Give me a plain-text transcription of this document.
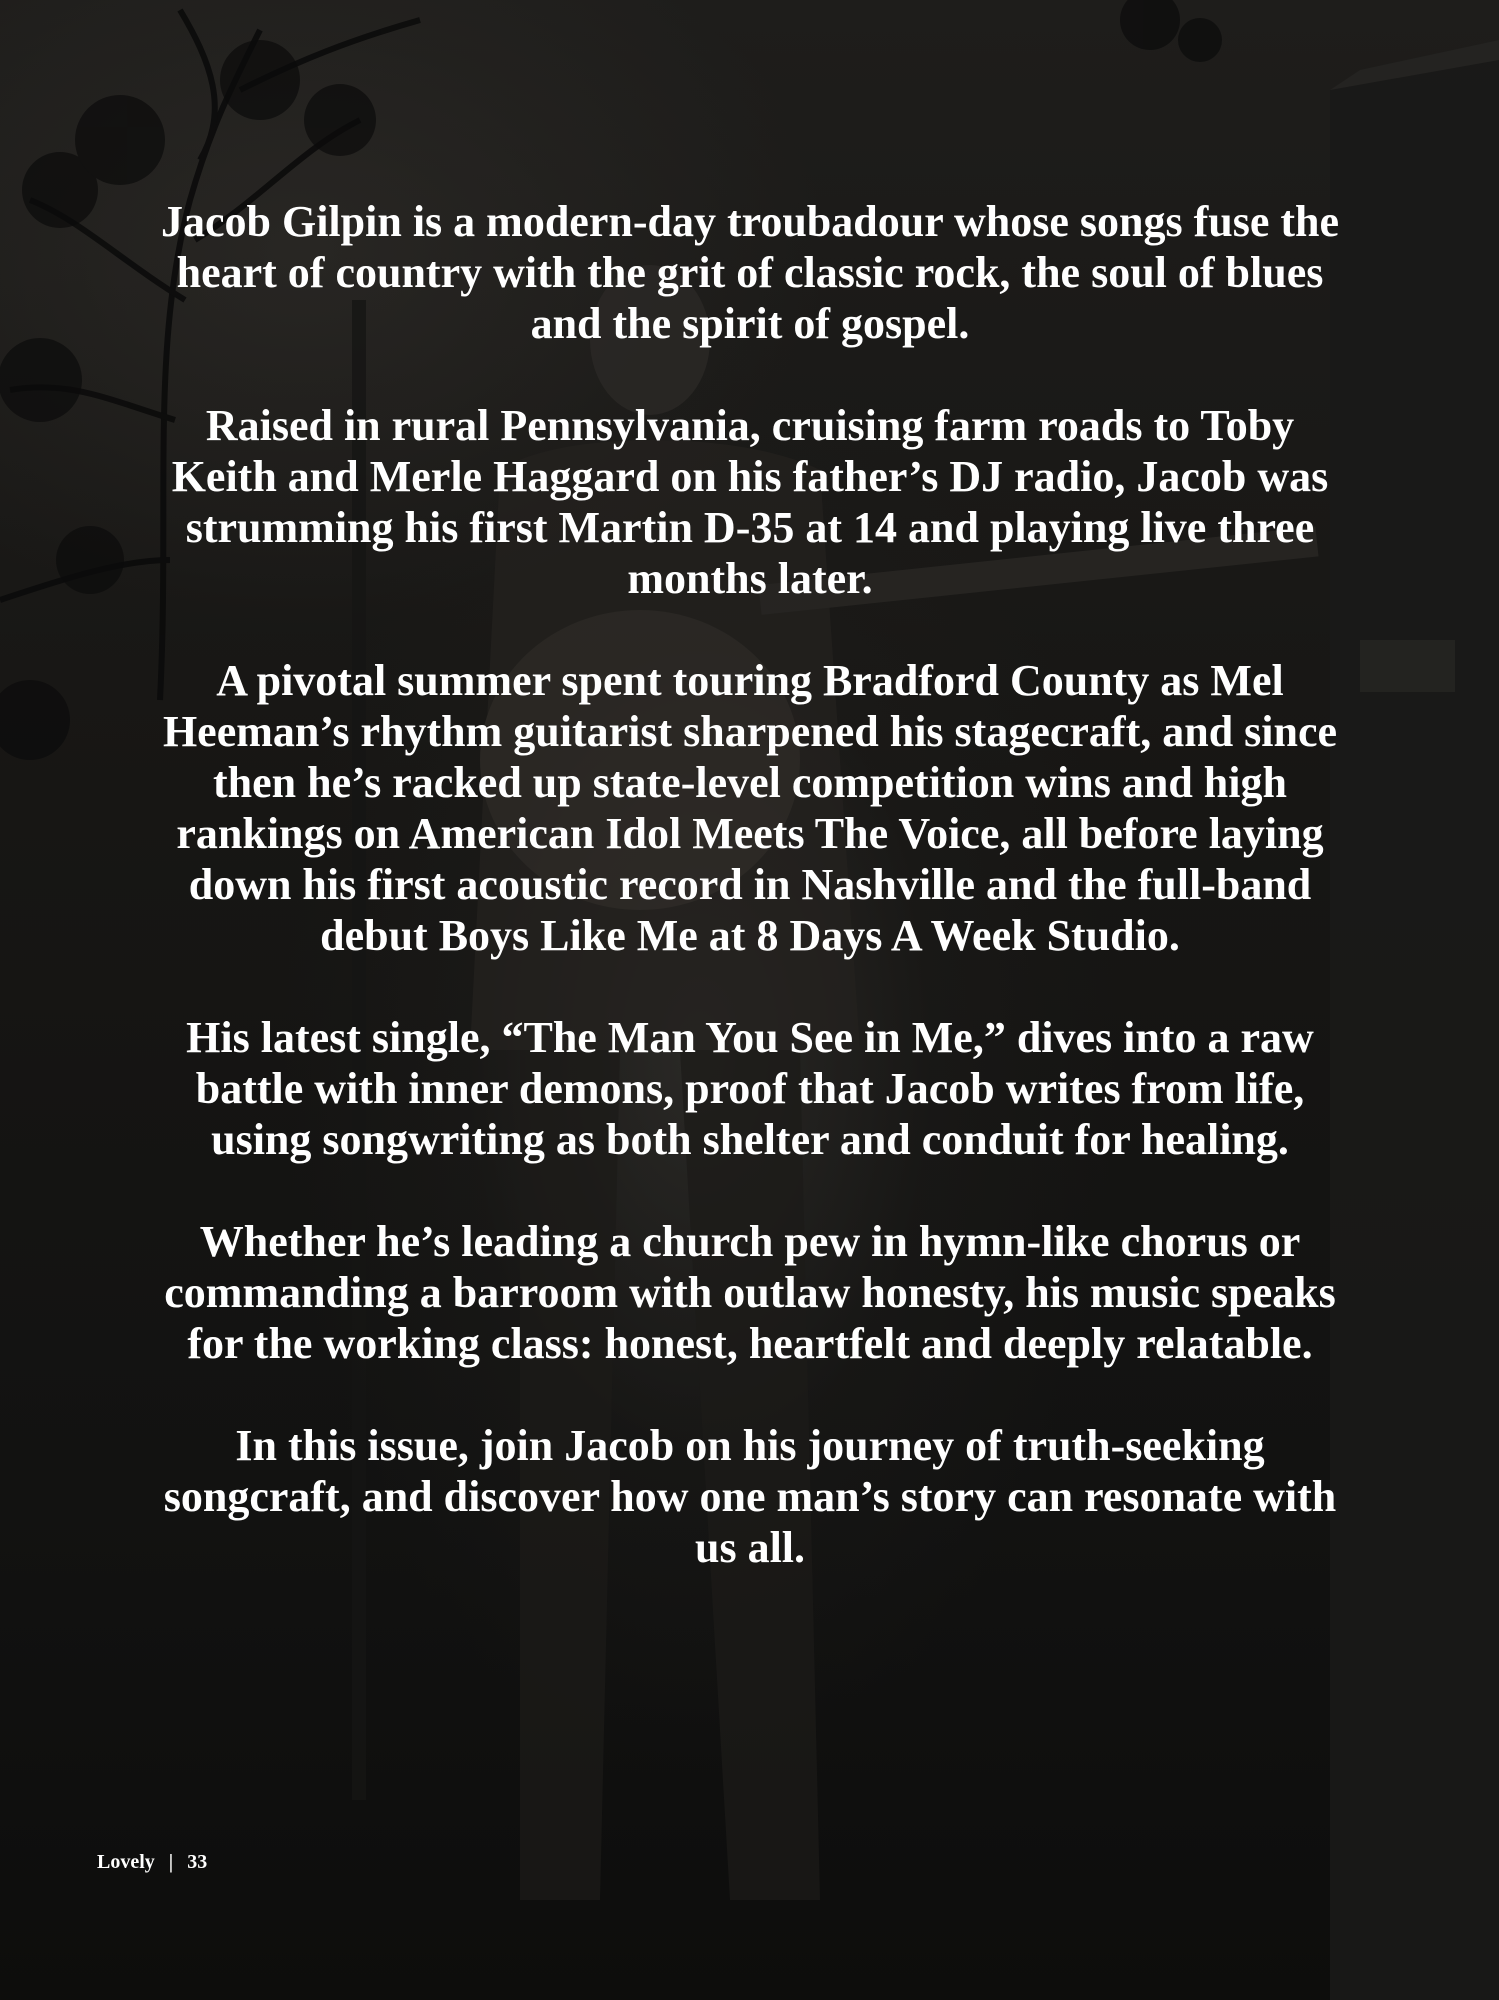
Jacob Gilpin is a modern-day troubadour whose songs fuse the heart of country with the grit of classic rock, the soul of blues and the spirit of gospel.

Raised in rural Pennsylvania, cruising farm roads to Toby Keith and Merle Haggard on his father’s DJ radio, Jacob was strumming his first Martin D-35 at 14 and playing live three months later.

A pivotal summer spent touring Bradford County as Mel Heeman’s rhythm guitarist sharpened his stagecraft, and since then he’s racked up state-level competition wins and high rankings on American Idol Meets The Voice, all before laying down his first acoustic record in Nashville and the full-band debut Boys Like Me at 8 Days A Week Studio.

His latest single, “The Man You See in Me,” dives into a raw battle with inner demons, proof that Jacob writes from life, using songwriting as both shelter and conduit for healing.

Whether he’s leading a church pew in hymn-like chorus or commanding a barroom with outlaw honesty, his music speaks for the working class: honest, heartfelt and deeply relatable.

In this issue, join Jacob on his journey of truth-seeking songcraft, and discover how one man’s story can resonate with us all.

Lovely | 33
